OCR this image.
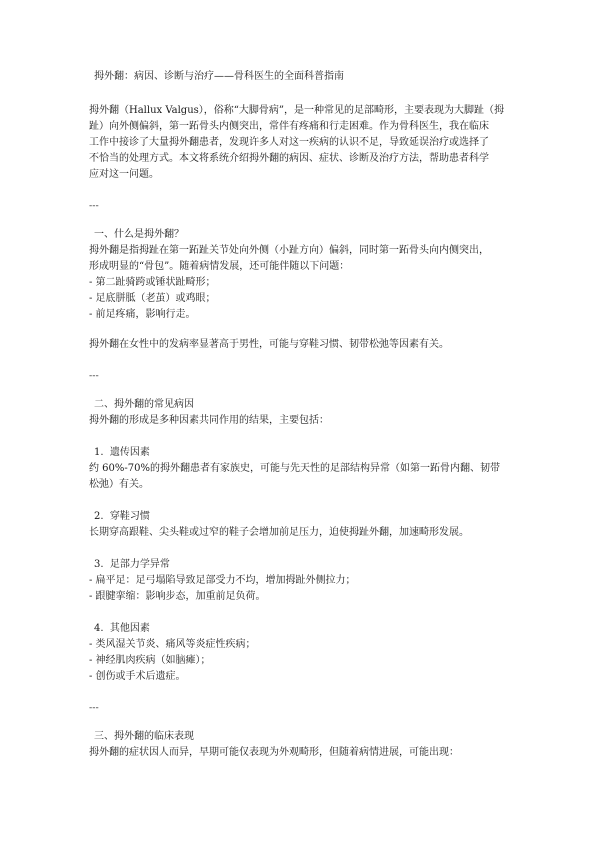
拇外翻：病因、诊断与治疗——骨科医生的全面科普指南
拇外翻（Hallux Valgus），俗称“大脚骨病”，是一种常见的足部畸形，主要表现为大脚趾（拇
趾）向外侧偏斜，第一跖骨头内侧突出，常伴有疼痛和行走困难。作为骨科医生，我在临床
工作中接诊了大量拇外翻患者，发现许多人对这一疾病的认识不足，导致延误治疗或选择了
不恰当的处理方式。本文将系统介绍拇外翻的病因、症状、诊断及治疗方法，帮助患者科学
应对这一问题。
---
一、什么是拇外翻？
拇外翻是指拇趾在第一跖趾关节处向外侧（小趾方向）偏斜，同时第一跖骨头向内侧突出，
形成明显的“骨包”。随着病情发展，还可能伴随以下问题：
- 第二趾骑跨或锤状趾畸形；
- 足底胼胝（老茧）或鸡眼；
- 前足疼痛，影响行走。
拇外翻在女性中的发病率显著高于男性，可能与穿鞋习惯、韧带松弛等因素有关。
---
二、拇外翻的常见病因
拇外翻的形成是多种因素共同作用的结果，主要包括：
1.  遗传因素
约 60%-70%的拇外翻患者有家族史，可能与先天性的足部结构异常（如第一跖骨内翻、韧带
松弛）有关。
2.  穿鞋习惯
长期穿高跟鞋、尖头鞋或过窄的鞋子会增加前足压力，迫使拇趾外翻，加速畸形发展。
3.  足部力学异常
- 扁平足：足弓塌陷导致足部受力不均，增加拇趾外侧拉力；
- 跟腱挛缩：影响步态，加重前足负荷。
4.  其他因素
- 类风湿关节炎、痛风等炎症性疾病；
- 神经肌肉疾病（如脑瘫）；
- 创伤或手术后遗症。
---
三、拇外翻的临床表现
拇外翻的症状因人而异，早期可能仅表现为外观畸形，但随着病情进展，可能出现：
